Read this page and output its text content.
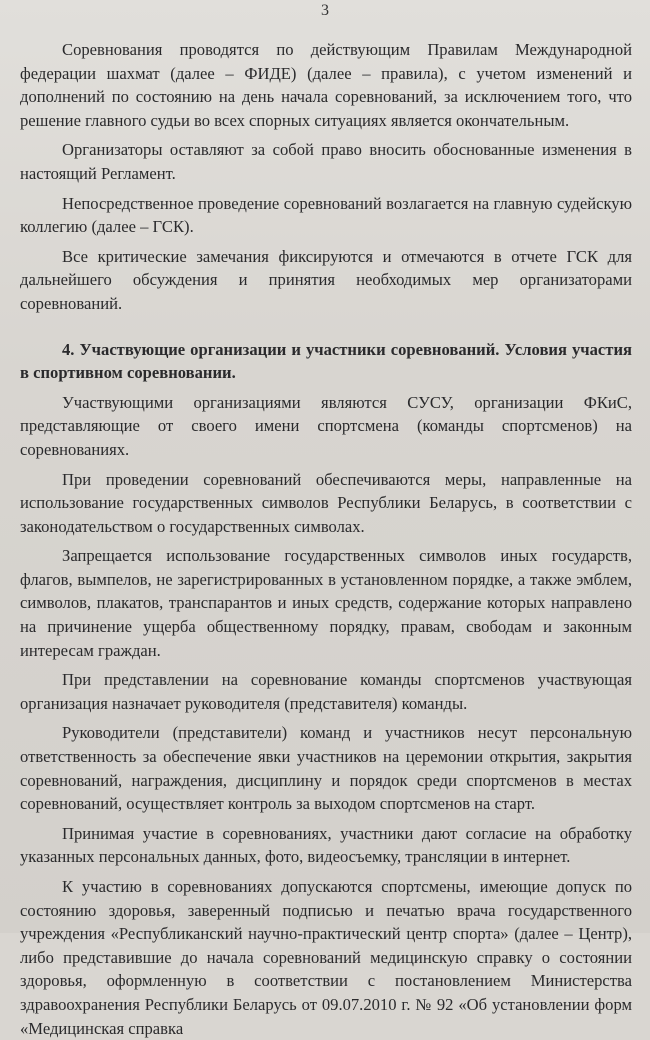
3

Соревнования проводятся по действующим Правилам Международной федерации шахмат (далее – ФИДЕ) (далее – правила), с учетом изменений и дополнений по состоянию на день начала соревнований, за исключением того, что решение главного судьи во всех спорных ситуациях является окончательным.

Организаторы оставляют за собой право вносить обоснованные изменения в настоящий Регламент.

Непосредственное проведение соревнований возлагается на главную судейскую коллегию (далее – ГСК).

Все критические замечания фиксируются и отмечаются в отчете ГСК для дальнейшего обсуждения и принятия необходимых мер организаторами соревнований.

4. Участвующие организации и участники соревнований. Условия участия в спортивном соревновании.

Участвующими организациями являются СУСУ, организации ФКиС, представляющие от своего имени спортсмена (команды спортсменов) на соревнованиях.

При проведении соревнований обеспечиваются меры, направленные на использование государственных символов Республики Беларусь, в соответствии с законодательством о государственных символах.

Запрещается использование государственных символов иных государств, флагов, вымпелов, не зарегистрированных в установленном порядке, а также эмблем, символов, плакатов, транспарантов и иных средств, содержание которых направлено на причинение ущерба общественному порядку, правам, свободам и законным интересам граждан.

При представлении на соревнование команды спортсменов участвующая организация назначает руководителя (представителя) команды.

Руководители (представители) команд и участников несут персональную ответственность за обеспечение явки участников на церемонии открытия, закрытия соревнований, награждения, дисциплину и порядок среди спортсменов в местах соревнований, осуществляет контроль за выходом спортсменов на старт.

Принимая участие в соревнованиях, участники дают согласие на обработку указанных персональных данных, фото, видеосъемку, трансляции в интернет.

К участию в соревнованиях допускаются спортсмены, имеющие допуск по состоянию здоровья, заверенный подписью и печатью врача государственного учреждения «Республиканский научно-практический центр спорта» (далее – Центр), либо представившие до начала соревнований медицинскую справку о состоянии здоровья, оформленную в соответствии с постановлением Министерства здравоохранения Республики Беларусь от 09.07.2010 г. № 92 «Об установлении форм «Медицинская справка
